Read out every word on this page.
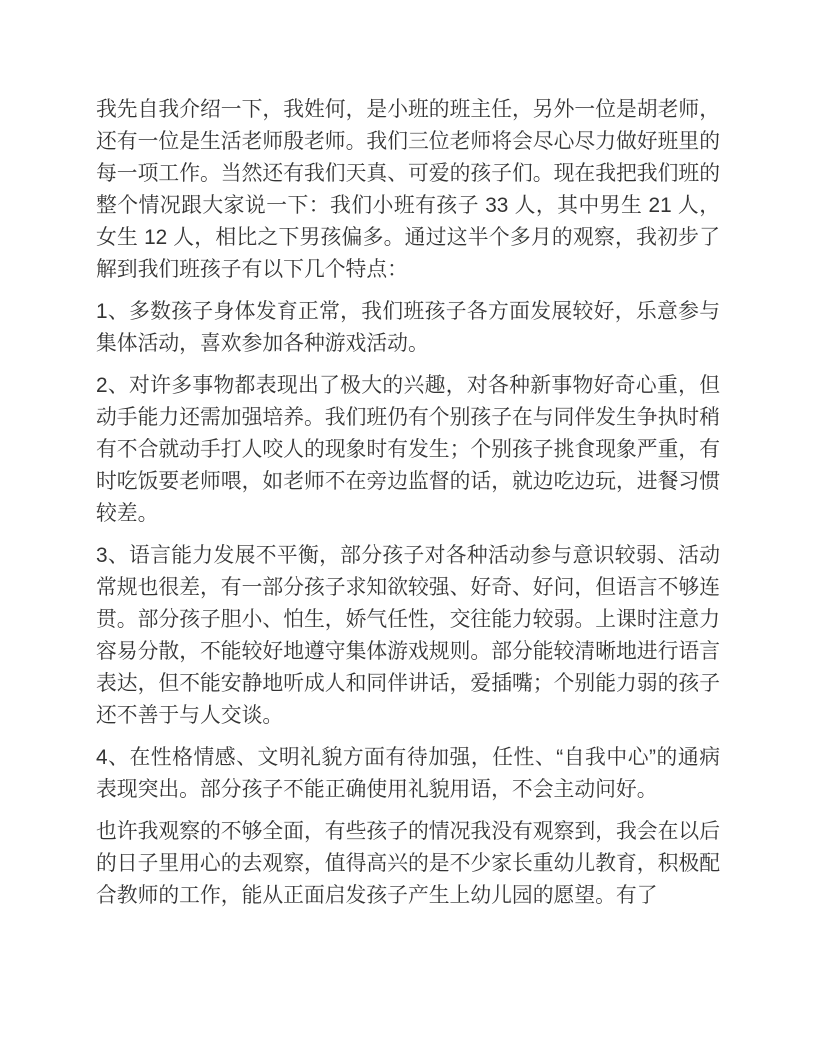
我先自我介绍一下，我姓何，是小班的班主任，另外一位是胡老师，还有一位是生活老师殷老师。我们三位老师将会尽心尽力做好班里的每一项工作。当然还有我们天真、可爱的孩子们。现在我把我们班的整个情况跟大家说一下：我们小班有孩子 33 人，其中男生 21 人，女生 12 人，相比之下男孩偏多。通过这半个多月的观察，我初步了解到我们班孩子有以下几个特点：

1、多数孩子身体发育正常，我们班孩子各方面发展较好，乐意参与集体活动，喜欢参加各种游戏活动。

2、对许多事物都表现出了极大的兴趣，对各种新事物好奇心重，但动手能力还需加强培养。我们班仍有个别孩子在与同伴发生争执时稍有不合就动手打人咬人的现象时有发生；个别孩子挑食现象严重，有时吃饭要老师喂，如老师不在旁边监督的话，就边吃边玩，进餐习惯较差。

3、语言能力发展不平衡，部分孩子对各种活动参与意识较弱、活动常规也很差，有一部分孩子求知欲较强、好奇、好问，但语言不够连贯。部分孩子胆小、怕生，娇气任性，交往能力较弱。上课时注意力容易分散，不能较好地遵守集体游戏规则。部分能较清晰地进行语言表达，但不能安静地听成人和同伴讲话，爱插嘴；个别能力弱的孩子还不善于与人交谈。

4、在性格情感、文明礼貌方面有待加强，任性、“自我中心”的通病表现突出。部分孩子不能正确使用礼貌用语，不会主动问好。

也许我观察的不够全面，有些孩子的情况我没有观察到，我会在以后的日子里用心的去观察，值得高兴的是不少家长重幼儿教育，积极配合教师的工作，能从正面启发孩子产生上幼儿园的愿望。有了
